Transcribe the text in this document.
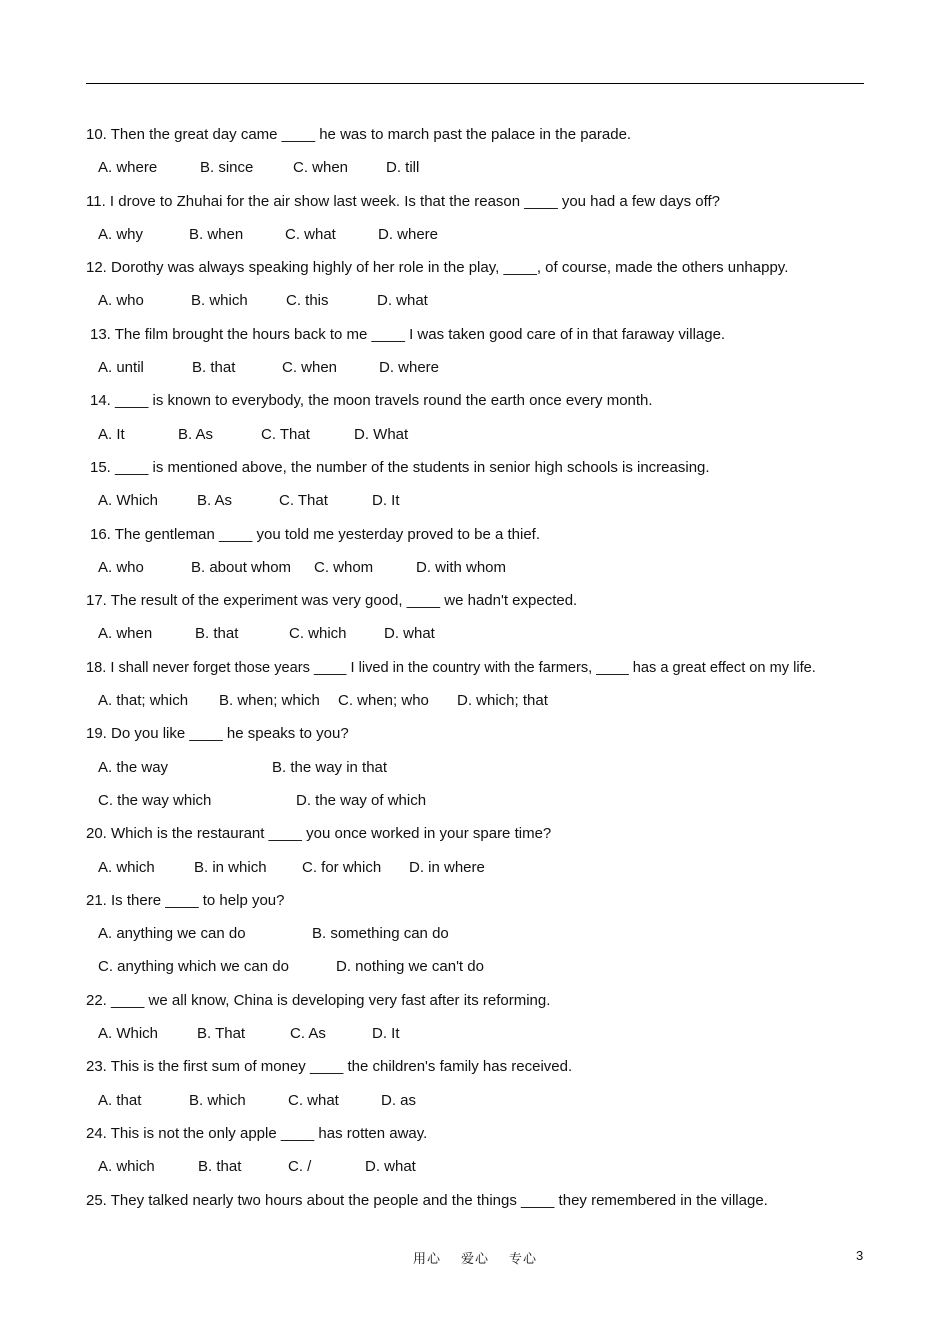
10. Then the great day came ____ he was to march past the palace in the parade.
A. where	B. since	C. when	D. till
11. I drove to Zhuhai for the air show last week. Is that the reason ____ you had a few days off?
A. why	B. when	C. what	D. where
12. Dorothy was always speaking highly of her role in the play, ____, of course, made the others unhappy.
A. who	B. which	C. this	D. what
13. The film brought the hours back to me ____ I was taken good care of in that faraway village.
A. until	B. that	C. when	D. where
14. ____ is known to everybody, the moon travels round the earth once every month.
A. It	B. As	C. That	D. What
15. ____ is mentioned above, the number of the students in senior high schools is increasing.
A. Which	B. As	C. That	D. It
16. The gentleman ____ you told me yesterday proved to be a thief.
A. who	B. about whom C. whom	D. with whom
17. The result of the experiment was very good, ____ we hadn't expected.
A. when	B. that	C. which D. what
18. I shall never forget those years ____ I lived in the country with the farmers, ____ has a great effect on my life.
A. that; which B. when; which C. when; who D. which; that
19. Do you like ____ he speaks to you?
A. the way	B. the way in that
C. the way which	D. the way of which
20. Which is the restaurant ____ you once worked in your spare time?
A. which	B. in which C. for which D. in where
21. Is there ____ to help you?
A. anything we can do	B. something can do
C. anything which we can do	D. nothing we can't do
22. ____ we all know, China is developing very fast after its reforming.
A. Which	B. That	C. As	D. It
23. This is the first sum of money ____ the children's family has received.
A. that	B. which	C. what	D. as
24. This is not the only apple ____ has rotten away.
A. which	B. that	C. /	D. what
25. They talked nearly two hours about the people and the things ____ they remembered in the village.
用心 爱心 专心	3
